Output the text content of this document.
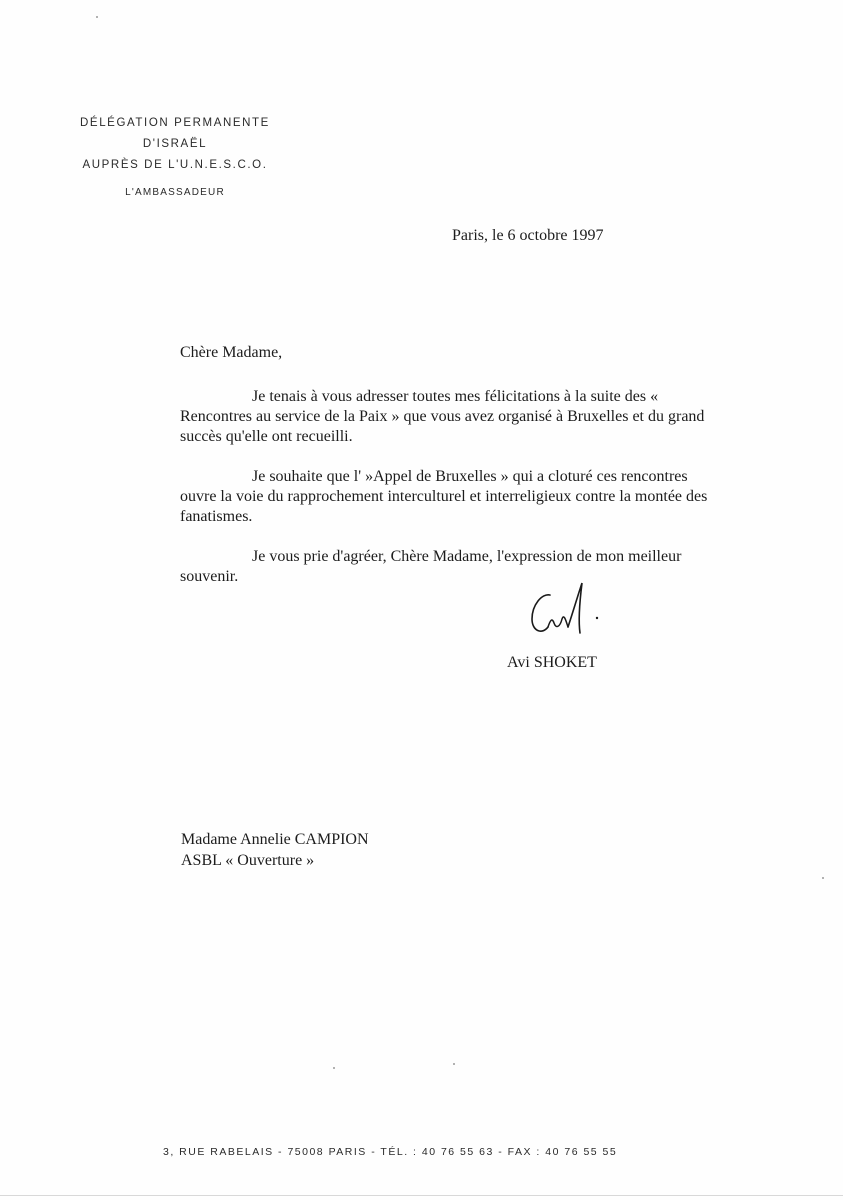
DÉLÉGATION PERMANENTE
D'ISRAËL
AUPRÈS DE L'U.N.E.S.C.O.
L'AMBASSADEUR
Paris, le 6 octobre 1997

Chère Madame,

Je tenais à vous adresser toutes mes félicitations à la suite des « Rencontres au service de la Paix » que vous avez organisé à Bruxelles et du grand succès qu'elle ont recueilli.

Je souhaite que l' »Appel de Bruxelles » qui a cloturé ces rencontres ouvre la voie du rapprochement interculturel et interreligieux contre la montée des fanatismes.

Je vous prie d'agréer, Chère Madame, l'expression de mon meilleur souvenir.

Avi SHOKET
Madame Annelie CAMPION
ASBL « Ouverture »
3, RUE RABELAIS - 75008 PARIS - TÉL. : 40 76 55 63 - FAX : 40 76 55 55
